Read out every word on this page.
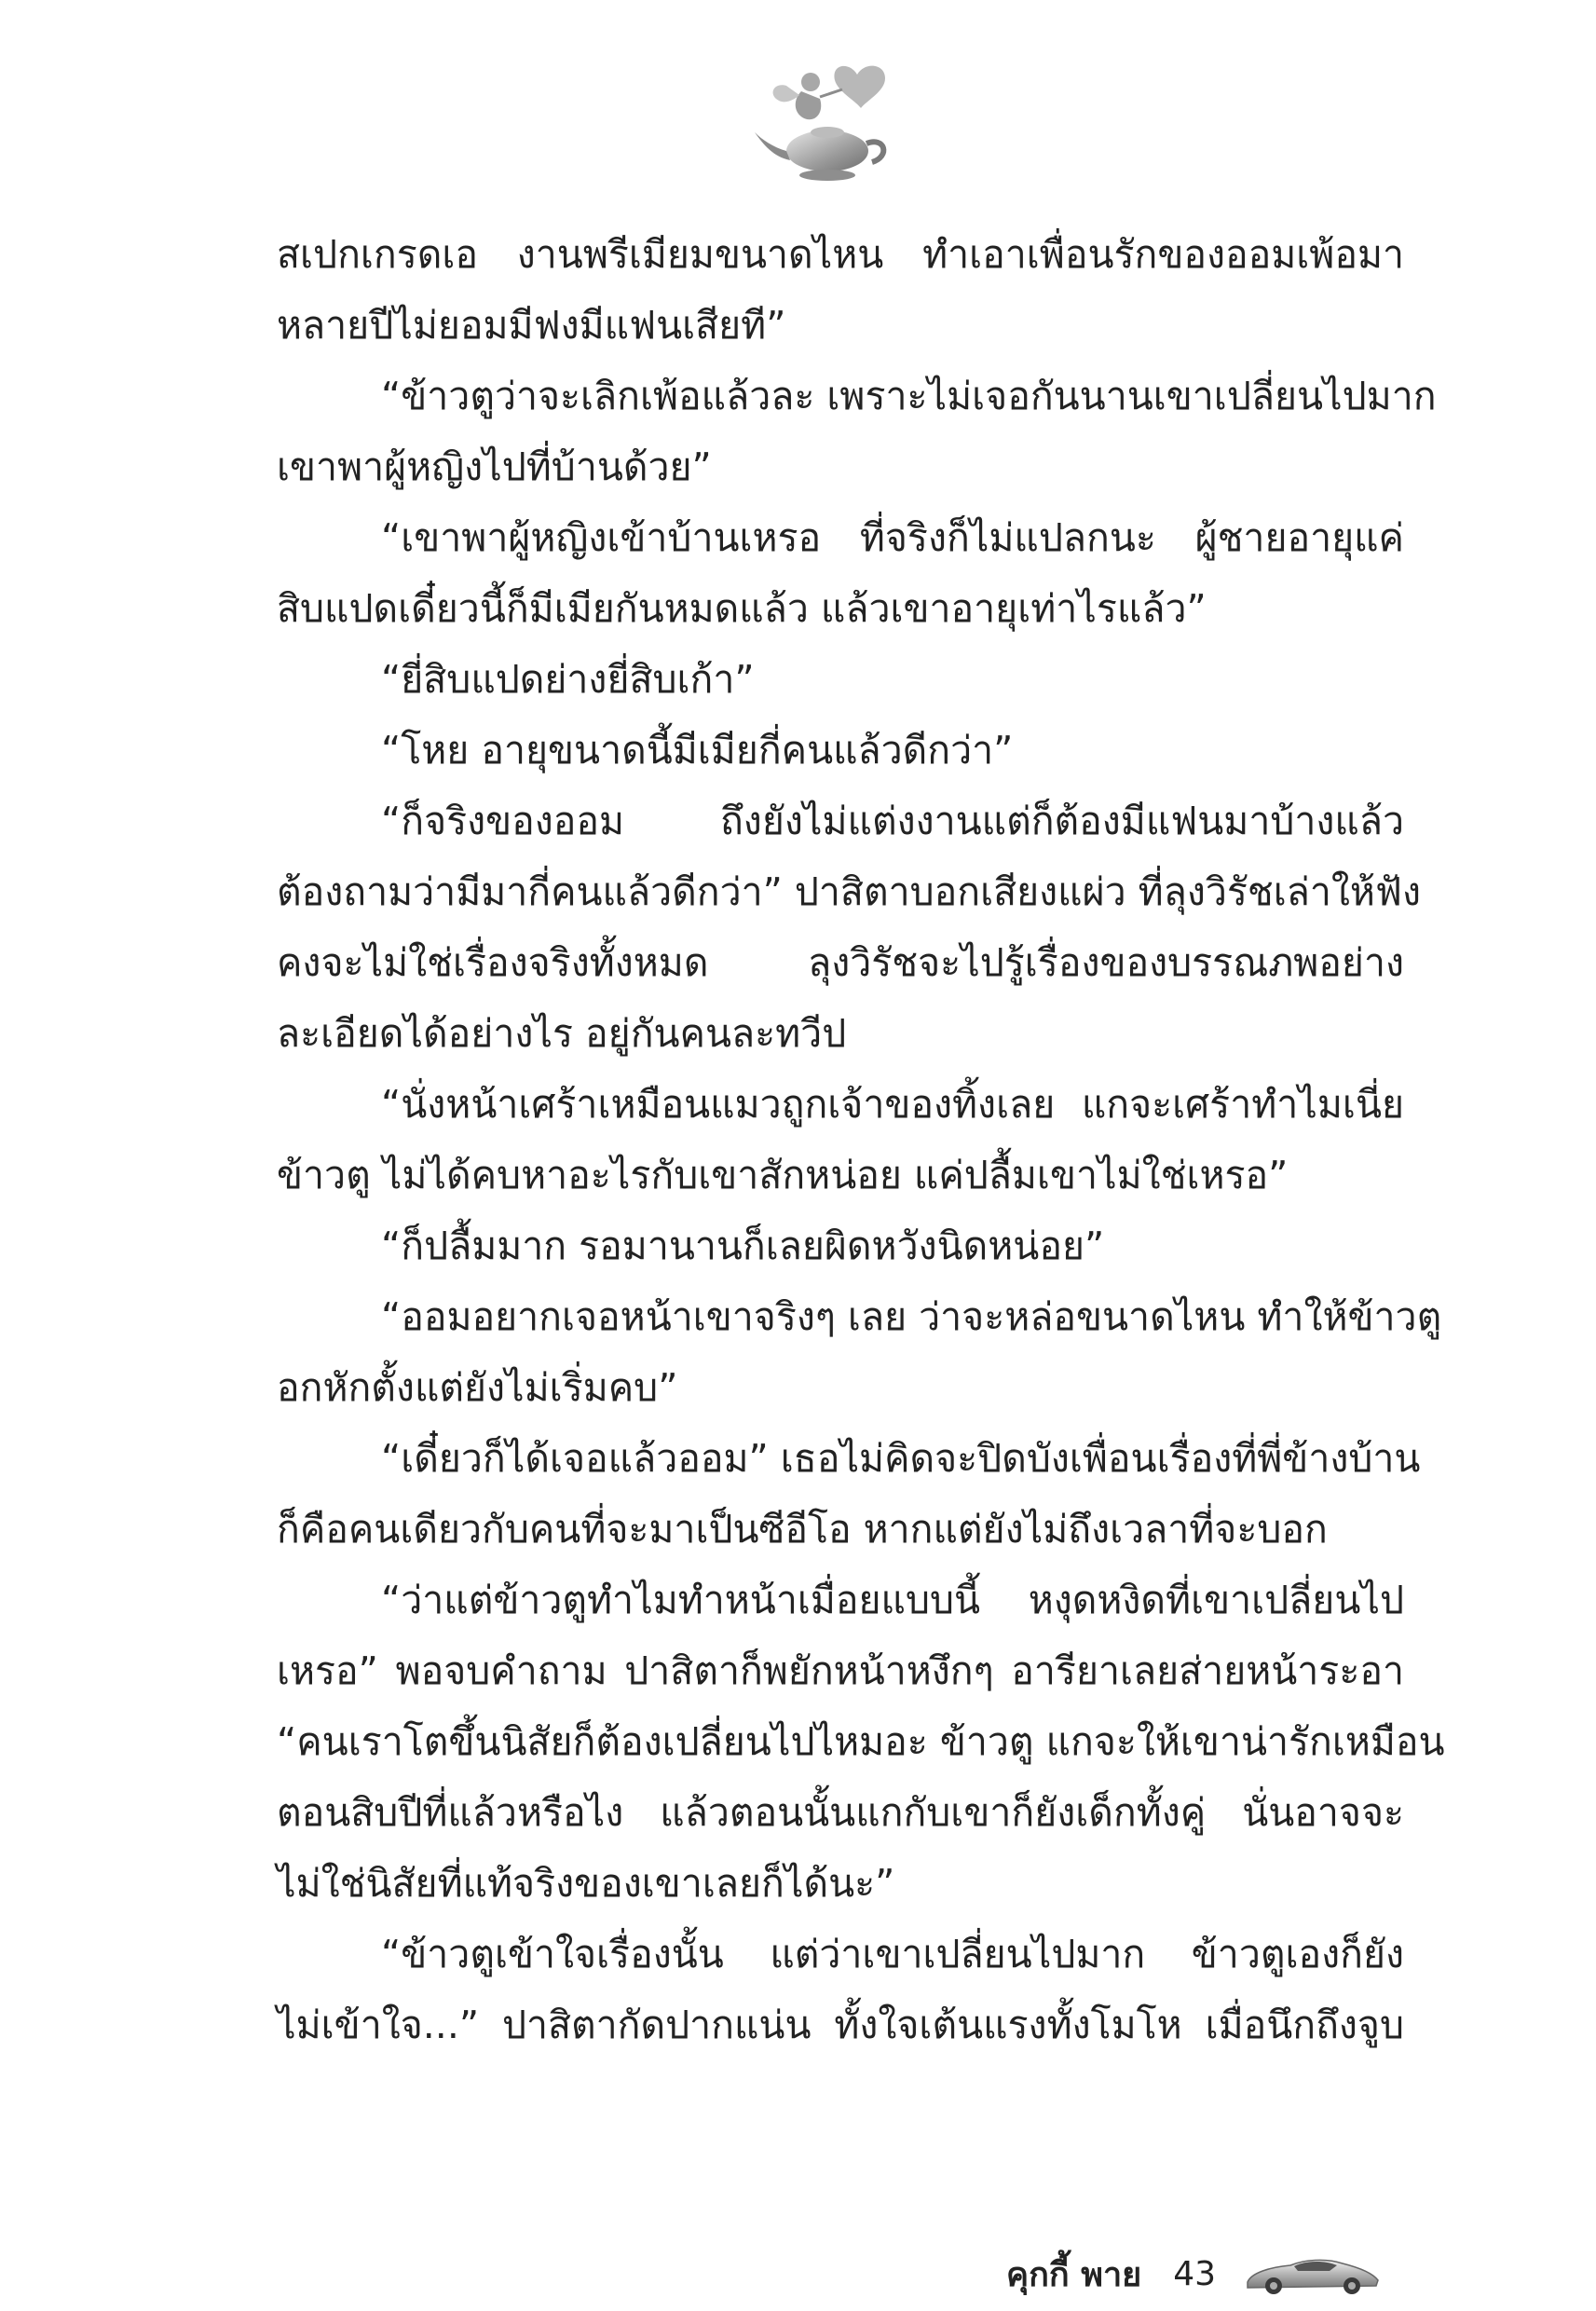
สเปกเกรดเอ งานพรีเมียมขนาดไหน ทำเอาเพื่อนรักของออมเพ้อมา
หลายปีไม่ยอมมีฟงมีแฟนเสียที”
“ข้าวตูว่าจะเลิกเพ้อแล้วละ เพราะไม่เจอกันนานเขาเปลี่ยนไปมาก
เขาพาผู้หญิงไปที่บ้านด้วย”
“เขาพาผู้หญิงเข้าบ้านเหรอ ที่จริงก็ไม่แปลกนะ ผู้ชายอายุแค่
สิบแปดเดี๋ยวนี้ก็มีเมียกันหมดแล้ว แล้วเขาอายุเท่าไรแล้ว”
“ยี่สิบแปดย่างยี่สิบเก้า”
“โหย อายุขนาดนี้มีเมียกี่คนแล้วดีกว่า”
“ก็จริงของออม ถึงยังไม่แต่งงานแต่ก็ต้องมีแฟนมาบ้างแล้ว
ต้องถามว่ามีมากี่คนแล้วดีกว่า” ปาสิตาบอกเสียงแผ่ว ที่ลุงวิรัชเล่าให้ฟัง
คงจะไม่ใช่เรื่องจริงทั้งหมด ลุงวิรัชจะไปรู้เรื่องของบรรณภพอย่าง
ละเอียดได้อย่างไร อยู่กันคนละทวีป
“นั่งหน้าเศร้าเหมือนแมวถูกเจ้าของทิ้งเลย แกจะเศร้าทำไมเนี่ย
ข้าวตู ไม่ได้คบหาอะไรกับเขาสักหน่อย แค่ปลื้มเขาไม่ใช่เหรอ”
“ก็ปลื้มมาก รอมานานก็เลยผิดหวังนิดหน่อย”
“ออมอยากเจอหน้าเขาจริงๆ เลย ว่าจะหล่อขนาดไหน ทำให้ข้าวตู
อกหักตั้งแต่ยังไม่เริ่มคบ”
“เดี๋ยวก็ได้เจอแล้วออม” เธอไม่คิดจะปิดบังเพื่อนเรื่องที่พี่ข้างบ้าน
ก็คือคนเดียวกับคนที่จะมาเป็นซีอีโอ หากแต่ยังไม่ถึงเวลาที่จะบอก
“ว่าแต่ข้าวตูทำไมทำหน้าเมื่อยแบบนี้ หงุดหงิดที่เขาเปลี่ยนไป
เหรอ” พอจบคำถาม ปาสิตาก็พยักหน้าหงึกๆ อารียาเลยส่ายหน้าระอา
“คนเราโตขึ้นนิสัยก็ต้องเปลี่ยนไปไหมอะ ข้าวตู แกจะให้เขาน่ารักเหมือน
ตอนสิบปีที่แล้วหรือไง แล้วตอนนั้นแกกับเขาก็ยังเด็กทั้งคู่ นั่นอาจจะ
ไม่ใช่นิสัยที่แท้จริงของเขาเลยก็ได้นะ”
“ข้าวตูเข้าใจเรื่องนั้น แต่ว่าเขาเปลี่ยนไปมาก ข้าวตูเองก็ยัง
ไม่เข้าใจ...” ปาสิตากัดปากแน่น ทั้งใจเต้นแรงทั้งโมโห เมื่อนึกถึงจูบ
คุกกี้ พาย 43
